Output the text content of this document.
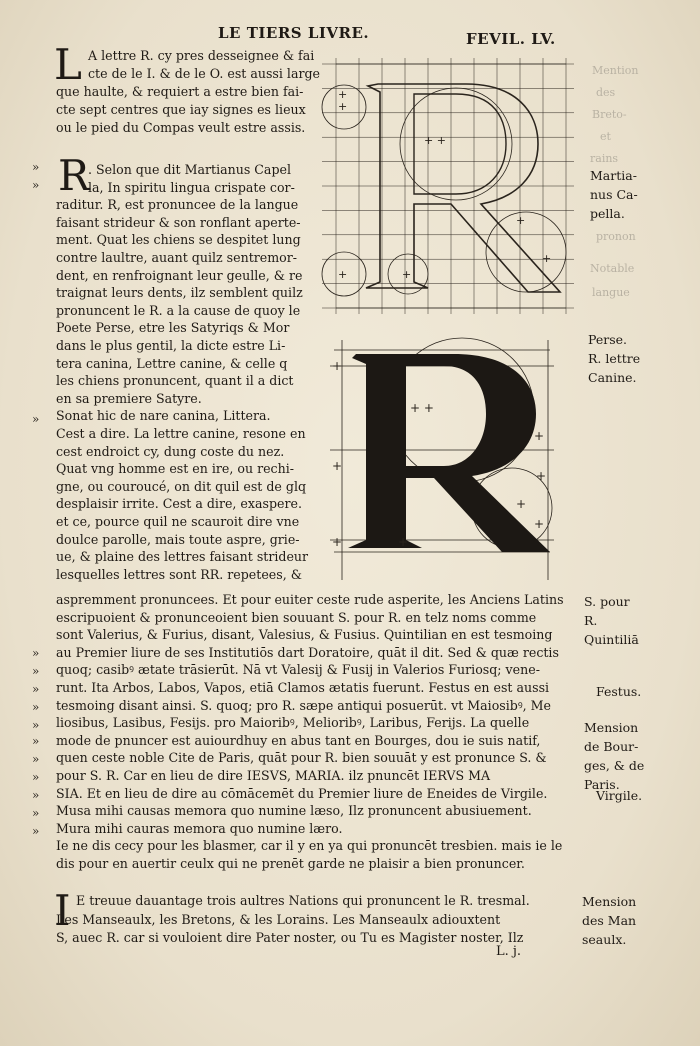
Mention
des
Breto-
et
rains
pronon
Notable
langue
LE TIERS LIVRE.	FEVIL. LV.
+
+
+ +
+	+
+
+
+ +
+
+
+
+
+
+
+
+
L A lettre R. cy pres desseignee & fai
cte de le I. & de le O. est aussi large
que haulte, & requiert a estre bien fai-
cte sept centres que iay signes es lieux
ou le pied du Compas veult estre assis.
R
. Selon que dit Martianus Capel
la, In spiritu lingua crispate cor-
raditur. R, est pronuncee de la langue
faisant strideur & son ronflant aperte-
ment. Quat les chiens se despitet lung
contre laultre, auant quilz sentremor-
dent, en renfroignant leur geulle, & re
traignat leurs dents, ilz semblent quilz
pronuncent le R. a la cause de quoy le
Poete Perse, etre les Satyriqs & Mor
dans le plus gentil, la dicte estre Li-
tera canina, Lettre canine, & celle q
les chiens pronuncent, quant il a dict
en sa premiere Satyre.
Sonat hic de nare canina, Littera.
Cest a dire. La lettre canine, resone en
cest endroict cy, dung coste du nez.
Quat vng homme est en ire, ou rechi-
gne, ou couroucé, on dit quil est de glq
desplaisir irrite. Cest a dire, exaspere.
et ce, pource quil ne scauroit dire vne
doulce parolle, mais toute aspre, grie-
ue, & plaine des lettres faisant strideur
lesquelles lettres sont RR. repetees, &
aspremment pronuncees. Et pour euiter ceste rude asperite, les Anciens Latins
escripuoient & pronunceoient bien souuant S. pour R. en telz noms comme
sont Valerius, & Furius, disant, Valesius, & Fusius. Quintilian en est tesmoing
au Premier liure de ses Institutiōs dart Doratoire, quāt il dit. Sed & quæ rectis
quoq; casibꝰ ætate trāsierūt. Nā vt Valesij & Fusij in Valerios Furiosq; vene-
runt. Ita Arbos, Labos, Vapos, etiā Clamos ætatis fuerunt. Festus en est aussi
tesmoing disant ainsi. S. quoq; pro R. sæpe antiqui posuerūt. vt Maiosibꝰ, Me
liosibus, Lasibus, Fesijs. pro Maioribꝰ, Melioribꝰ, Laribus, Ferijs. La quelle
mode de pnuncer est auiourdhuy en abus tant en Bourges, dou ie suis natif,
quen ceste noble Cite de Paris, quāt pour R. bien souuāt y est pronunce S. &
pour S. R. Car en lieu de dire IESVS, MARIA. ilz pnuncēt IERVS MA
SIA. Et en lieu de dire au cōmācemēt du Premier liure de Eneides de Virgile.
Musa mihi causas memora quo numine læso, Ilz pronuncent abusiuement.
Mura mihi cauras memora quo numine læro.
Ie ne dis cecy pour les blasmer, car il y en ya qui pronuncēt tresbien. mais ie le
dis pour en auertir ceulx qui ne prenēt garde ne plaisir a bien pronuncer.
I E treuue dauantage trois aultres Nations qui pronuncent le R. tresmal.
Les Manseaulx, les Bretons, & les Lorains. Les Manseaulx adiouxtent
S, auec R. car si vouloient dire Pater noster, ou Tu es Magister noster, Ilz
L. j.
Martia-
nus Ca-
pella.
Perse.
R. lettre
Canine.
S. pour
R.
Quintiliā
Festus.
Mension
de Bour-
ges, & de
Paris.
Virgile.
Mension
des Man
seaulx.
»
»
»
»
»
»
»
»
»
»
»
»
»
»
